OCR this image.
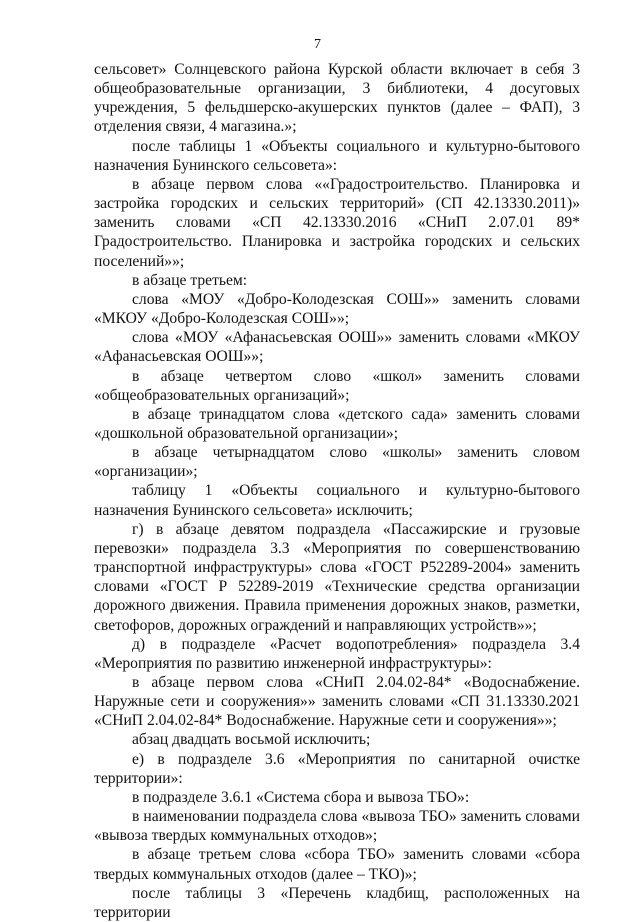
7

сельсовет» Солнцевского района Курской области включает в себя 3 общеобразовательные организации, 3 библиотеки, 4 досуговых учреждения, 5 фельдшерско-акушерских пунктов (далее – ФАП), 3 отделения связи, 4 магазина.»;

после таблицы 1 «Объекты социального и культурно-бытового назначения Бунинского сельсовета»:

в абзаце первом слова ««Градостроительство. Планировка и застройка городских и сельских территорий» (СП 42.13330.2011)» заменить словами «СП 42.13330.2016 «СНиП 2.07.01 89* Градостроительство. Планировка и застройка городских и сельских поселений»»;

в абзаце третьем:

слова «МОУ «Добро-Колодезская СОШ»» заменить словами «МКОУ «Добро-Колодезская СОШ»»;

слова «МОУ «Афанасьевская ООШ»» заменить словами «МКОУ «Афанасьевская ООШ»»;

в абзаце четвертом слово «школ» заменить словами «общеобразовательных организаций»;

в абзаце тринадцатом слова «детского сада» заменить словами «дошкольной образовательной организации»;

в абзаце четырнадцатом слово «школы» заменить словом «организации»;

таблицу 1 «Объекты социального и культурно-бытового назначения Бунинского сельсовета» исключить;

г) в абзаце девятом подраздела «Пассажирские и грузовые перевозки» подраздела 3.3 «Мероприятия по совершенствованию транспортной инфраструктуры» слова «ГОСТ Р52289-2004» заменить словами «ГОСТ Р 52289-2019 «Технические средства организации дорожного движения. Правила применения дорожных знаков, разметки, светофоров, дорожных ограждений и направляющих устройств»»;

д) в подразделе «Расчет водопотребления» подраздела 3.4 «Мероприятия по развитию инженерной инфраструктуры»:

в абзаце первом слова «СНиП 2.04.02-84* «Водоснабжение. Наружные сети и сооружения»» заменить словами «СП 31.13330.2021 «СНиП 2.04.02-84* Водоснабжение. Наружные сети и сооружения»»;

абзац двадцать восьмой исключить;

е) в подразделе 3.6 «Мероприятия по санитарной очистке территории»:

в подразделе 3.6.1 «Система сбора и вывоза ТБО»:

в наименовании подраздела слова «вывоза ТБО» заменить словами «вывоза твердых коммунальных отходов»;

в абзаце третьем слова «сбора ТБО» заменить словами «сбора твердых коммунальных отходов (далее – ТКО)»;

после таблицы 3 «Перечень кладбищ, расположенных на территории
